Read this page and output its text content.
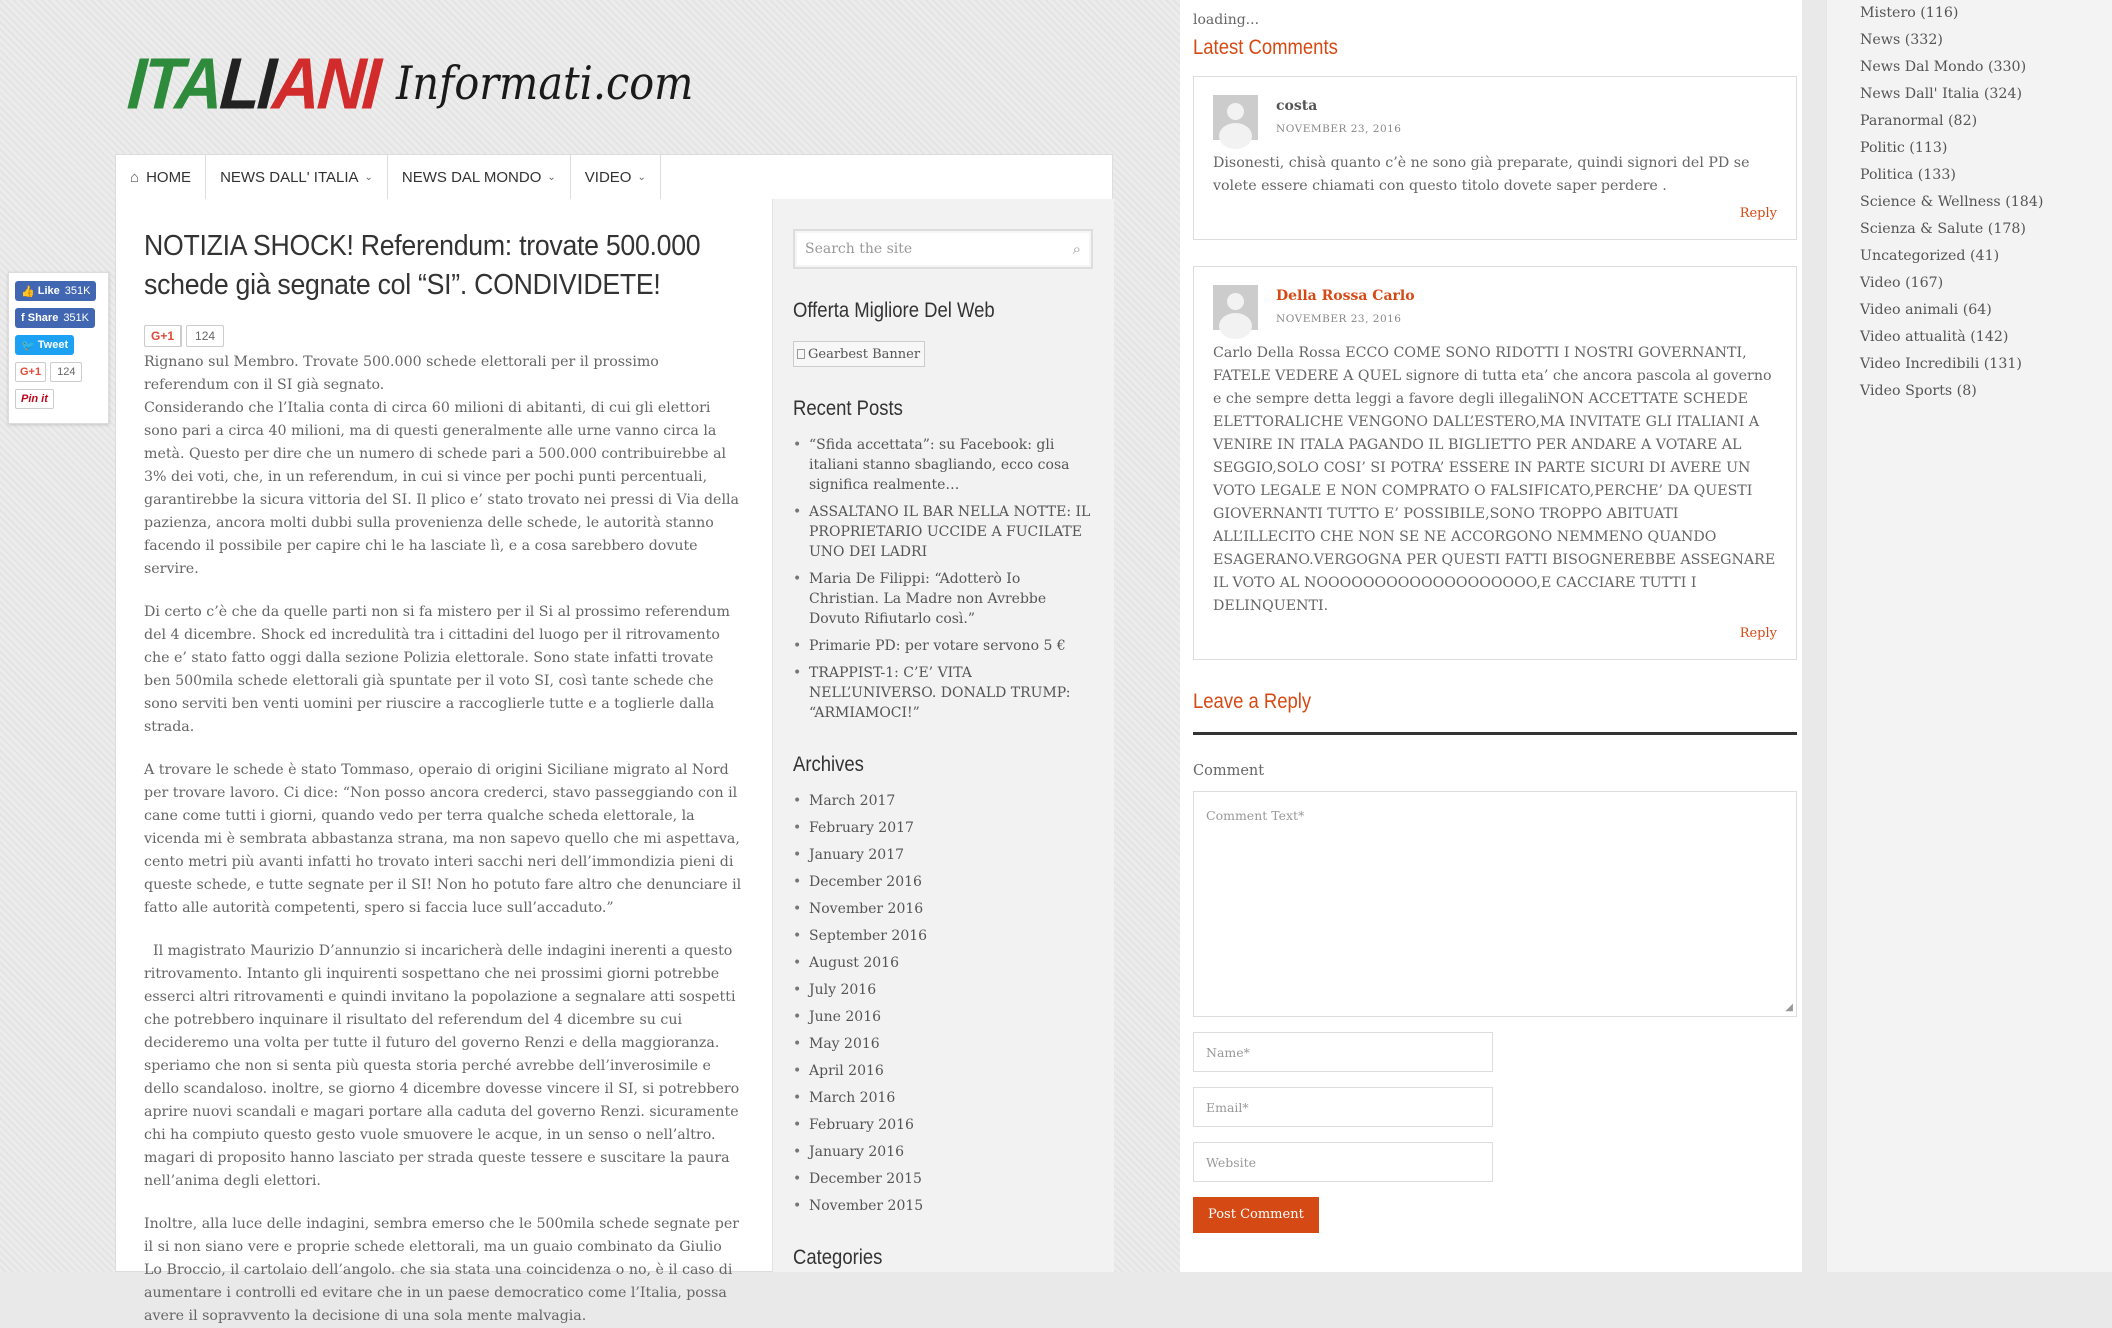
ITALIANI Informati.com
⌂ HOME NEWS DALL' ITALIA ⌄ NEWS DAL MONDO ⌄ VIDEO ⌄
👍 Like 351K
f
Share 351K
🐦
Tweet
G+1	124
Pin it
NOTIZIA SHOCK! Referendum: trovate 500.000 schede già segnate col “SI”. CONDIVIDETE!
G+1	124

Rignano sul Membro. Trovate 500.000 schede elettorali per il prossimo referendum con il SI già segnato.

Considerando che l’Italia conta di circa 60 milioni di abitanti, di cui gli elettori sono pari a circa 40 milioni, ma di questi generalmente alle urne vanno circa la metà. Questo per dire che un numero di schede pari a 500.000 contribuirebbe al 3% dei voti, che, in un referendum, in cui si vince per pochi punti percentuali, garantirebbe la sicura vittoria del SI. Il plico e’ stato trovato nei pressi di Via della pazienza, ancora molti dubbi sulla provenienza delle schede, le autorità stanno facendo il possibile per capire chi le ha lasciate lì, e a cosa sarebbero dovute servire.

Di certo c’è che da quelle parti non si fa mistero per il Si al prossimo referendum del 4 dicembre. Shock ed incredulità tra i cittadini del luogo per il ritrovamento che e’ stato fatto oggi dalla sezione Polizia elettorale. Sono state infatti trovate ben 500mila schede elettorali già spuntate per il voto SI, così tante schede che sono serviti ben venti uomini per riuscire a raccoglierle tutte e a toglierle dalla strada.

A trovare le schede è stato Tommaso, operaio di origini Siciliane migrato al Nord per trovare lavoro. Ci dice: “Non posso ancora crederci, stavo passeggiando con il cane come tutti i giorni, quando vedo per terra qualche scheda elettorale, la vicenda mi è sembrata abbastanza strana, ma non sapevo quello che mi aspettava, cento metri più avanti infatti ho trovato interi sacchi neri dell’immondizia pieni di queste schede, e tutte segnate per il SI! Non ho potuto fare altro che denunciare il fatto alle autorità competenti, spero si faccia luce sull’accaduto.”

Il magistrato Maurizio D’annunzio si incaricherà delle indagini inerenti a questo ritrovamento. Intanto gli inquirenti sospettano che nei prossimi giorni potrebbe esserci altri ritrovamenti e quindi invitano la popolazione a segnalare atti sospetti che potrebbero inquinare il risultato del referendum del 4 dicembre su cui decideremo una volta per tutte il futuro del governo Renzi e della maggioranza.

speriamo che non si senta più questa storia perché avrebbe dell’inverosimile e dello scandaloso. inoltre, se giorno 4 dicembre dovesse vincere il SI, si potrebbero aprire nuovi scandali e magari portare alla caduta del governo Renzi. sicuramente chi ha compiuto questo gesto vuole smuovere le acque, in un senso o nell’altro.

magari di proposito hanno lasciato per strada queste tessere e suscitare la paura nell’anima degli elettori.

Inoltre, alla luce delle indagini, sembra emerso che le 500mila schede segnate per il si non siano vere e proprie schede elettorali, ma un guaio combinato da Giulio Lo Broccio, il cartolaio dell’angolo. che sia stata una coincidenza o no, è il caso di aumentare i controlli ed evitare che in un paese democratico come l’Italia, possa avere il sopravvento la decisione di una sola mente malvagia.

Search the site	⌕
Offerta Migliore Del Web
Gearbest Banner
Recent Posts
• “Sfida accettata”: su Facebook: gli italiani stanno sbagliando, ecco cosa significa realmente…
• ASSALTANO IL BAR NELLA NOTTE: IL PROPRIETARIO UCCIDE A FUCILATE UNO DEI LADRI
• Maria De Filippi: “Adotterò Io Christian. La Madre non Avrebbe Dovuto Rifiutarlo così.”
• Primarie PD: per votare servono 5 €
• TRAPPIST-1: C’E’ VITA NELL’UNIVERSO. DONALD TRUMP: “ARMIAMOCI!”
Archives
• March 2017
• February 2017
• January 2017
• December 2016
• November 2016
• September 2016
• August 2016
• July 2016
• June 2016
• May 2016
• April 2016
• March 2016
• February 2016
• January 2016
• December 2015
• November 2015
Categories
loading...
Latest Comments
costa
NOVEMBER 23, 2016
Disonesti, chisà quanto c’è ne sono già preparate, quindi signori del PD se volete essere chiamati con questo titolo dovete saper perdere .
Reply
Della Rossa Carlo
NOVEMBER 23, 2016
Carlo Della Rossa ECCO COME SONO RIDOTTI I NOSTRI GOVERNANTI, FATELE VEDERE A QUEL signore di tutta eta’ che ancora pascola al governo e che sempre detta leggi a favore degli illegaliNON ACCETTATE SCHEDE ELETTORALICHE VENGONO DALL’ESTERO,MA INVITATE GLI ITALIANI A VENIRE IN ITALA PAGANDO IL BIGLIETTO PER ANDARE A VOTARE AL SEGGIO,SOLO COSI’ SI POTRA’ ESSERE IN PARTE SICURI DI AVERE UN VOTO LEGALE E NON COMPRATO O FALSIFICATO,PERCHE’ DA QUESTI GIOVERNANTI TUTTO E’ POSSIBILE,SONO TROPPO ABITUATI ALL’ILLECITO CHE NON SE NE ACCORGONO NEMMENO QUANDO ESAGERANO.VERGOGNA PER QUESTI FATTI BISOGNEREBBE ASSEGNARE IL VOTO AL NOOOOOOOOOOOOOOOOOOO,E CACCIARE TUTTI I DELINQUENTI.
Reply
Leave a Reply
Comment
Comment Text*
◢
Name*
Email*
Website
Post Comment
Mistero (116)
News (332)
News Dal Mondo (330)
News Dall' Italia (324)
Paranormal (82)
Politic (113)
Politica (133)
Science & Wellness (184)
Scienza & Salute (178)
Uncategorized (41)
Video (167)
Video animali (64)
Video attualità (142)
Video Incredibili (131)
Video Sports (8)
